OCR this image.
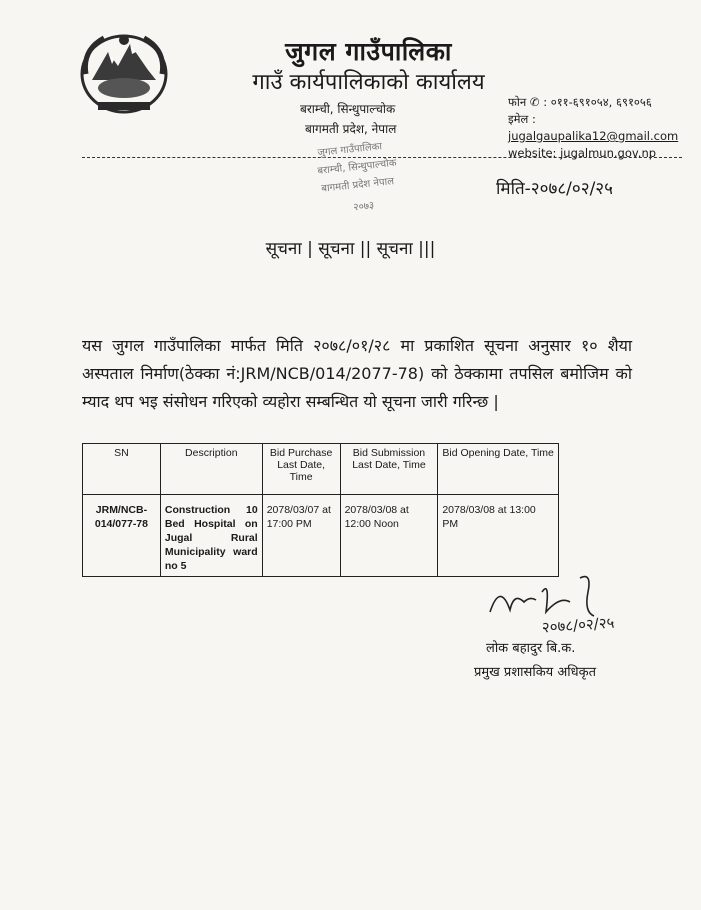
जुगल गाउँपालिका
गाउँ कार्यपालिकाको कार्यालय
बराम्ची, सिन्धुपाल्चोक
बागमती प्रदेश, नेपाल
फोन ✆ : ०११-६९१०५४, ६९१०५६
इमेल : jugalgaupalika12@gmail.com
website: jugalmun.gov.np
जुगल गाउँपालिका
बराम्ची, सिन्धुपाल्चोक
बागमती प्रदेश नेपाल
२०७३
मिति-२०७८/०२/२५
सूचना | सूचना || सूचना |||
यस जुगल गाउँपालिका मार्फत मिति २०७८/०१/२८ मा प्रकाशित सूचना अनुसार १० शैया अस्पताल निर्माण(ठेक्का नं:JRM/NCB/014/2077-78) को ठेक्कामा तपसिल बमोजिम को म्याद थप भइ संसोधन गरिएको व्यहोरा सम्बन्धित यो सूचना जारी गरिन्छ |
SN	Description	Bid Purchase Last Date, Time	Bid Submission Last Date, Time	Bid Opening Date, Time
JRM/NCB-014/077-78	Construction 10 Bed Hospital on Jugal Rural Municipality ward no 5	2078/03/07 at 17:00 PM	2078/03/08 at 12:00 Noon	2078/03/08 at 13:00 PM
२०७८/०२/२५
लोक बहादुर बि.क.
प्रमुख प्रशासकिय अधिकृत
